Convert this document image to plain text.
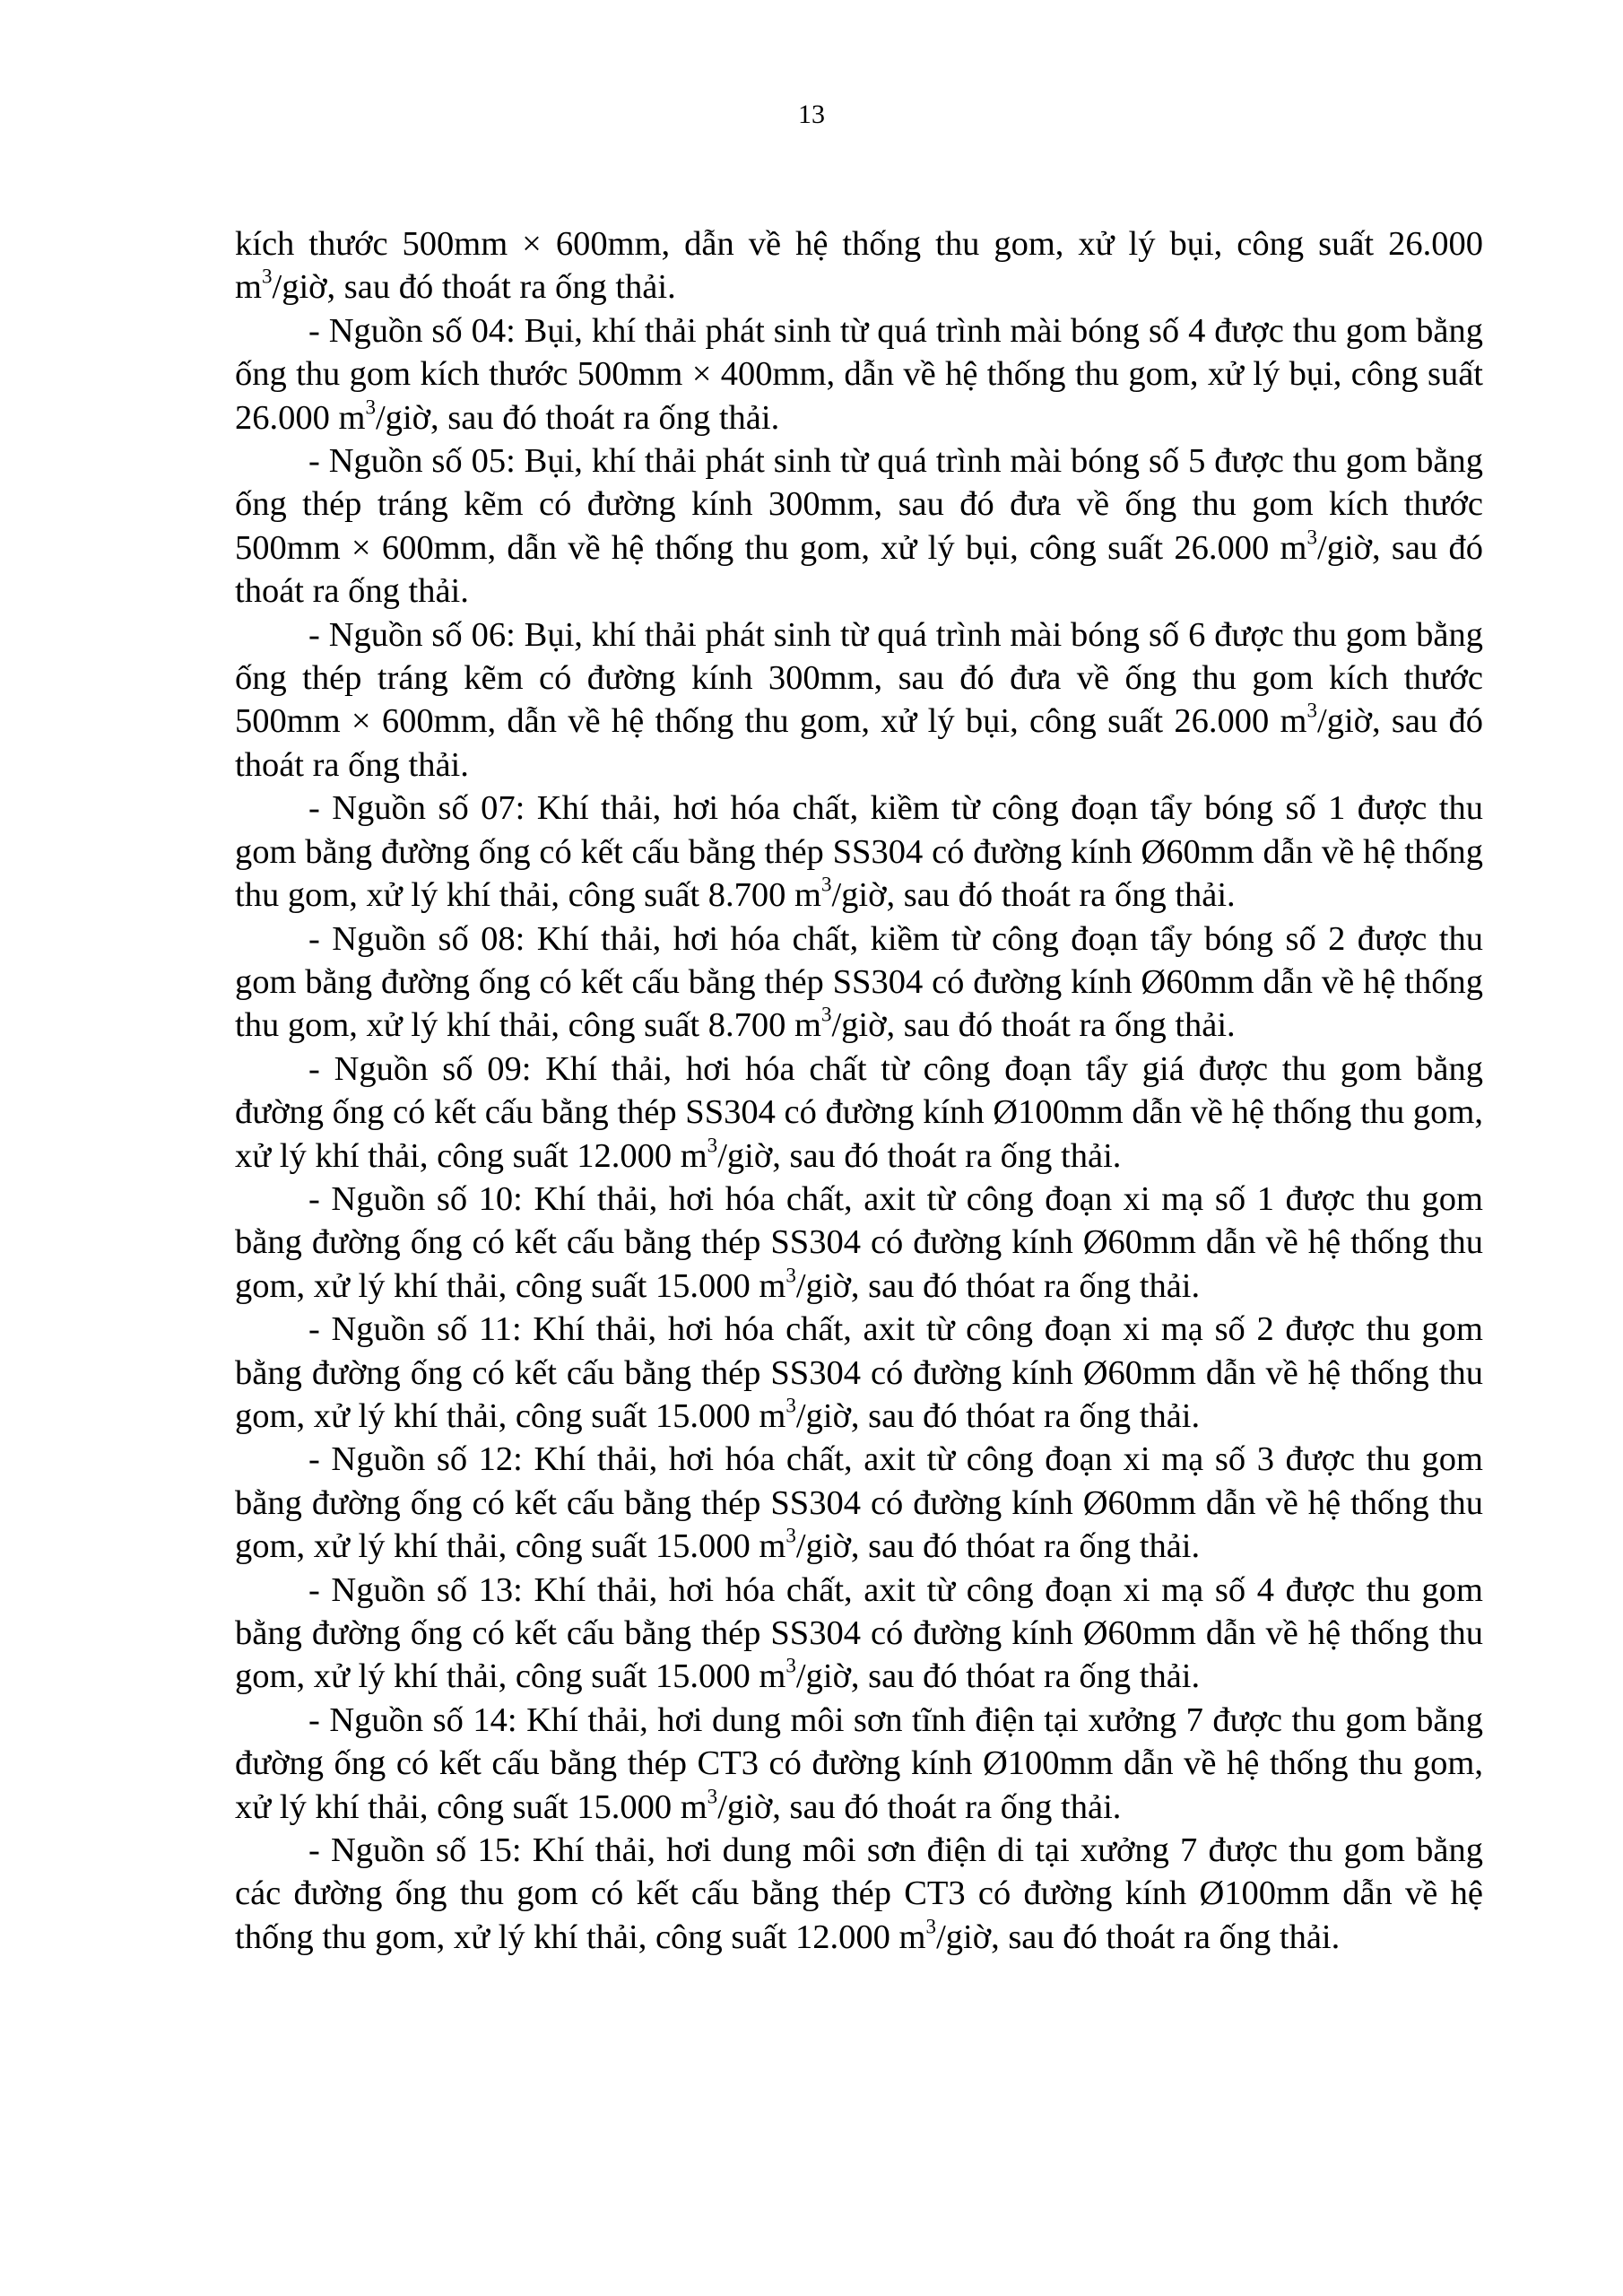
13

kích thước 500mm × 600mm, dẫn về hệ thống thu gom, xử lý bụi, công suất 26.000 $m^3$/giờ, sau đó thoát ra ống thải.

- Nguồn số 04: Bụi, khí thải phát sinh từ quá trình mài bóng số 4 được thu gom bằng ống thu gom kích thước 500mm × 400mm, dẫn về hệ thống thu gom, xử lý bụi, công suất 26.000 $m^3$/giờ, sau đó thoát ra ống thải.

- Nguồn số 05: Bụi, khí thải phát sinh từ quá trình mài bóng số 5 được thu gom bằng ống thép tráng kẽm có đường kính 300mm, sau đó đưa về ống thu gom kích thước 500mm × 600mm, dẫn về hệ thống thu gom, xử lý bụi, công suất 26.000 $m^3$/giờ, sau đó thoát ra ống thải.

- Nguồn số 06: Bụi, khí thải phát sinh từ quá trình mài bóng số 6 được thu gom bằng ống thép tráng kẽm có đường kính 300mm, sau đó đưa về ống thu gom kích thước 500mm × 600mm, dẫn về hệ thống thu gom, xử lý bụi, công suất 26.000 $m^3$/giờ, sau đó thoát ra ống thải.

- Nguồn số 07: Khí thải, hơi hóa chất, kiềm từ công đoạn tẩy bóng số 1 được thu gom bằng đường ống có kết cấu bằng thép SS304 có đường kính Ø60mm dẫn về hệ thống thu gom, xử lý khí thải, công suất 8.700 $m^3$/giờ, sau đó thoát ra ống thải.

- Nguồn số 08: Khí thải, hơi hóa chất, kiềm từ công đoạn tẩy bóng số 2 được thu gom bằng đường ống có kết cấu bằng thép SS304 có đường kính Ø60mm dẫn về hệ thống thu gom, xử lý khí thải, công suất 8.700 $m^3$/giờ, sau đó thoát ra ống thải.

- Nguồn số 09: Khí thải, hơi hóa chất từ công đoạn tẩy giá được thu gom bằng đường ống có kết cấu bằng thép SS304 có đường kính Ø100mm dẫn về hệ thống thu gom, xử lý khí thải, công suất 12.000 $m^3$/giờ, sau đó thoát ra ống thải.

- Nguồn số 10: Khí thải, hơi hóa chất, axit từ công đoạn xi mạ số 1 được thu gom bằng đường ống có kết cấu bằng thép SS304 có đường kính Ø60mm dẫn về hệ thống thu gom, xử lý khí thải, công suất 15.000 $m^3$/giờ, sau đó thóat ra ống thải.

- Nguồn số 11: Khí thải, hơi hóa chất, axit từ công đoạn xi mạ số 2 được thu gom bằng đường ống có kết cấu bằng thép SS304 có đường kính Ø60mm dẫn về hệ thống thu gom, xử lý khí thải, công suất 15.000 $m^3$/giờ, sau đó thóat ra ống thải.

- Nguồn số 12: Khí thải, hơi hóa chất, axit từ công đoạn xi mạ số 3 được thu gom bằng đường ống có kết cấu bằng thép SS304 có đường kính Ø60mm dẫn về hệ thống thu gom, xử lý khí thải, công suất 15.000 $m^3$/giờ, sau đó thóat ra ống thải.

- Nguồn số 13: Khí thải, hơi hóa chất, axit từ công đoạn xi mạ số 4 được thu gom bằng đường ống có kết cấu bằng thép SS304 có đường kính Ø60mm dẫn về hệ thống thu gom, xử lý khí thải, công suất 15.000 $m^3$/giờ, sau đó thóat ra ống thải.

- Nguồn số 14: Khí thải, hơi dung môi sơn tĩnh điện tại xưởng 7 được thu gom bằng đường ống có kết cấu bằng thép CT3 có đường kính Ø100mm dẫn về hệ thống thu gom, xử lý khí thải, công suất 15.000 $m^3$/giờ, sau đó thoát ra ống thải.

- Nguồn số 15: Khí thải, hơi dung môi sơn điện di tại xưởng 7 được thu gom bằng các đường ống thu gom có kết cấu bằng thép CT3 có đường kính Ø100mm dẫn về hệ thống thu gom, xử lý khí thải, công suất 12.000 $m^3$/giờ, sau đó thoát ra ống thải.
